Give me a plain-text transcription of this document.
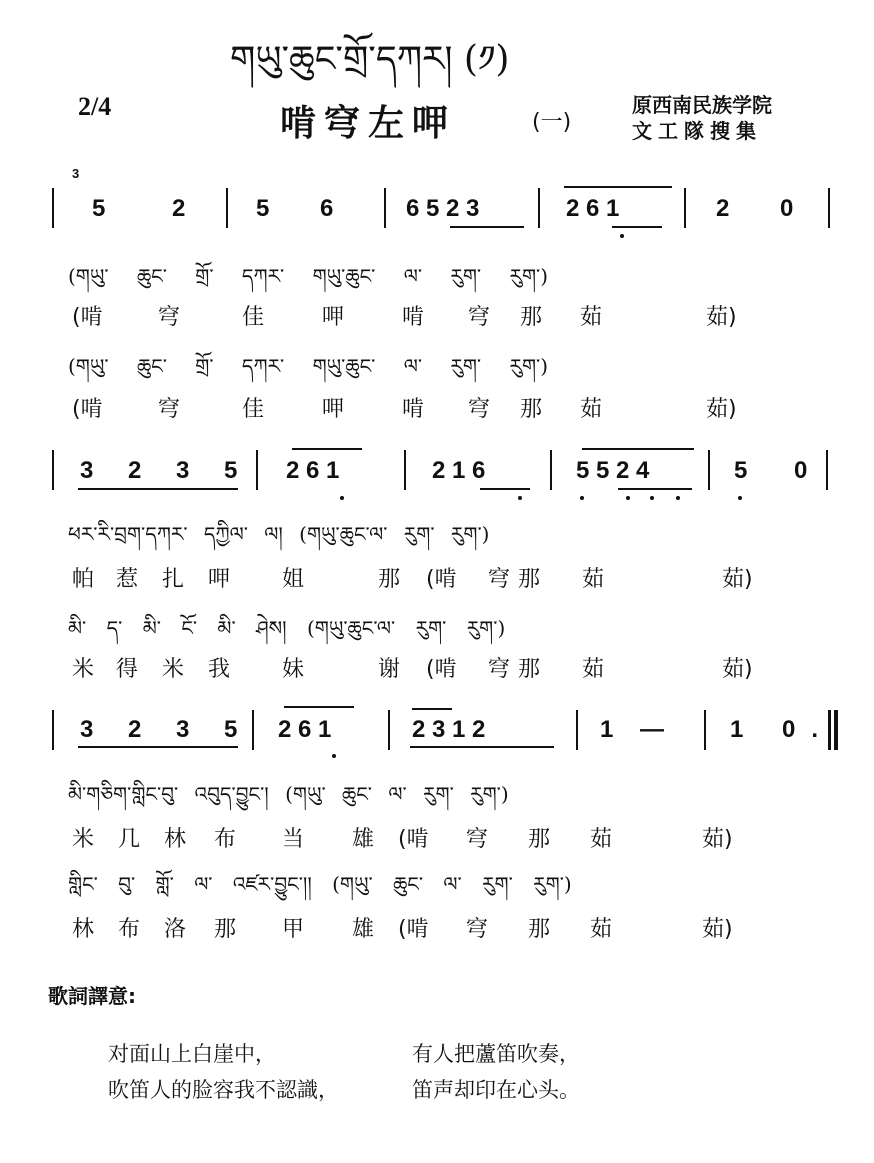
གཡུ་ཆུང་གྲོ་དཀར། (༡)
2/4	啃穹左呷	(一)
原西南民族学院
文工隊搜集
3
5 2 5 6 6 5 2 3	2 6 1	2 0
(གཡུ་ ཆུང་ གྲོ་ དཀར་ གཡུ་ཆུང་ ལ་ རུག་ རུག་)
(啃	穹	佳	呷	啃 穹 那 茹	茹)
(གཡུ་ ཆུང་ གྲོ་ དཀར་ གཡུ་ཆུང་ ལ་ རུག་ རུག་)
(啃	穹	佳	呷	啃 穹 那 茹	茹)
3 2 3 5 2 6 1	2 1 6	5 5 2 4	5 0
ཕར་རི་བྲག་དཀར་ དཀྱིལ་ ལ། (གཡུ་ཆུང་ལ་ རུག་ རུག་)
帕 惹 扎 呷 姐	那 (啃 穹 那 茹	茹)
མི་ ད་ མི་ ངོ་ མི་ ཤེས། (གཡུ་ཆུང་ལ་ རུག་ རུག་)
米 得 米 我 妹	谢 (啃 穹 那 茹	茹)
3 2 3 5 2 6 1	2 3 1 2	1 — 1 0.
མི་གཅིག་གླིང་བུ་ འབུད་བྱུང་། (གཡུ་ ཆུང་ ལ་ རུག་ རུག་)
米 几 林 布 当 雄 (啃 穹 那 茹	茹)
གླིང་ བུ་ གློ་ ལ་ འཛར་བྱུང་།། (གཡུ་ ཆུང་ ལ་ རུག་ རུག་)
林 布 洛 那 甲 雄 (啃 穹 那 茹	茹)
歌詞譯意:
对面山上白崖中，	有人把蘆笛吹奏，
吹笛人的脸容我不認識，	笛声却印在心头。
